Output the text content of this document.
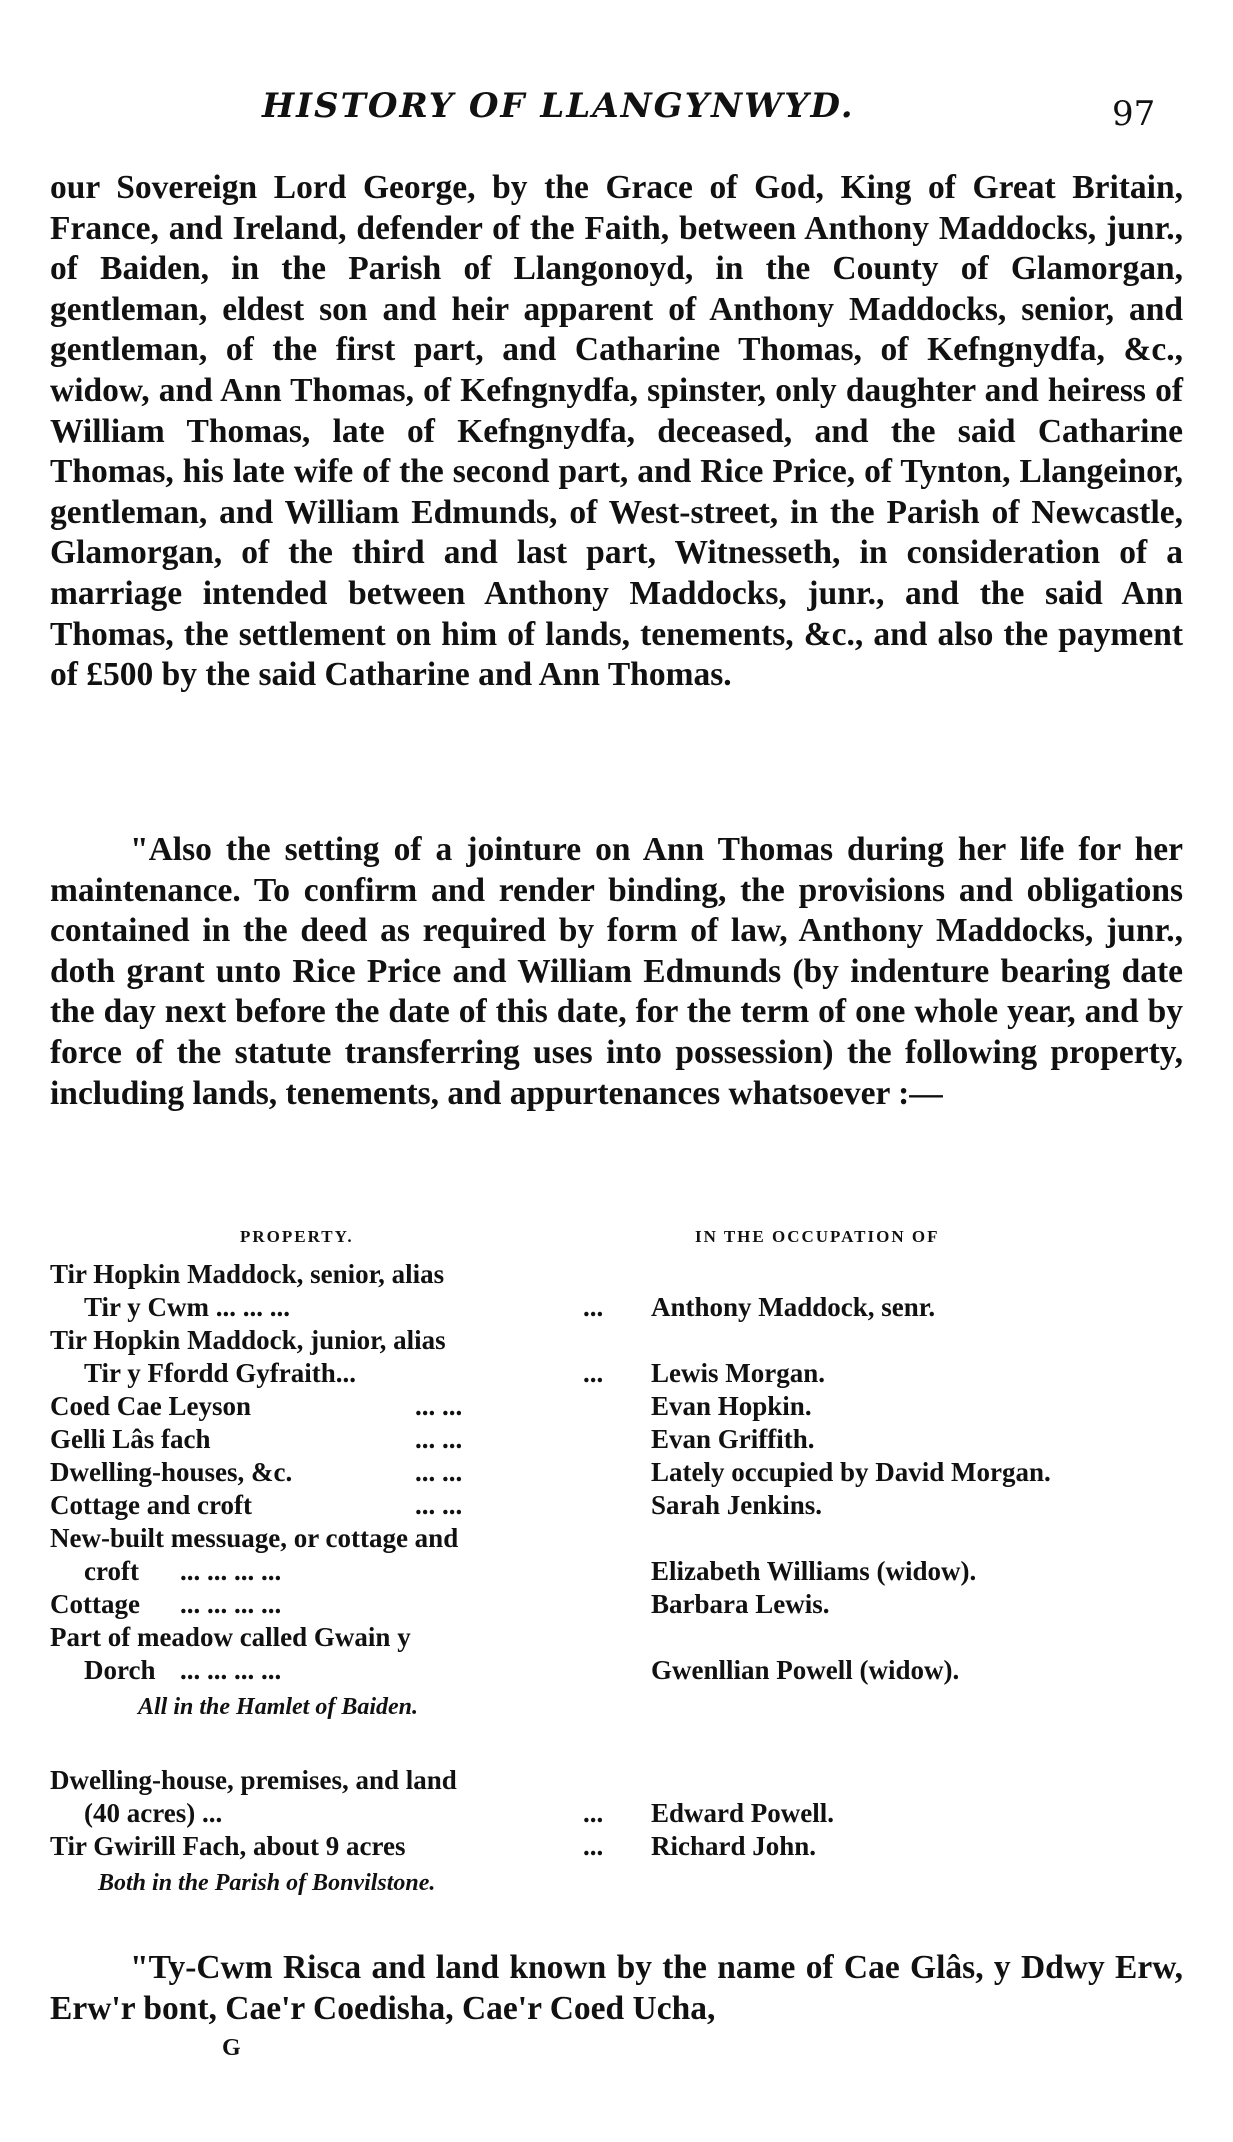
HISTORY OF LLANGYNWYD.	97

our Sovereign Lord George, by the Grace of God, King of Great Britain, France, and Ireland, defender of the Faith, between Anthony Maddocks, junr., of Baiden, in the Parish of Llangonoyd, in the County of Glamorgan, gentleman, eldest son and heir apparent of Anthony Maddocks, senior, and gentleman, of the first part, and Catharine Thomas, of Kefngnydfa, &c., widow, and Ann Thomas, of Kefngnydfa, spinster, only daughter and heiress of William Thomas, late of Kefngnydfa, deceased, and the said Catharine Thomas, his late wife of the second part, and Rice Price, of Tynton, Llangeinor, gentleman, and William Edmunds, of West-street, in the Parish of Newcastle, Glamorgan, of the third and last part, Witnesseth, in consideration of a marriage intended between Anthony Maddocks, junr., and the said Ann Thomas, the settlement on him of lands, tenements, &c., and also the payment of £500 by the said Catharine and Ann Thomas.

"Also the setting of a jointure on Ann Thomas during her life for her maintenance. To confirm and render binding, the provisions and obligations contained in the deed as required by form of law, Anthony Maddocks, junr., doth grant unto Rice Price and William Edmunds (by indenture bearing date the day next before the date of this date, for the term of one whole year, and by force of the statute transferring uses into possession) the following property, including lands, tenements, and appurtenances whatsoever :—

PROPERTY.	IN THE OCCUPATION OF
Tir Hopkin Maddock, senior, alias
Tir y Cwm ... ... ...	... Anthony Maddock, senr.
Tir Hopkin Maddock, junior, alias
Tir y Ffordd Gyfraith...	... Lewis Morgan.
Coed Cae Leyson	... ...	Evan Hopkin.
Gelli Lâs fach	... ...	Evan Griffith.
Dwelling-houses, &c.	... ...	Lately occupied by David Morgan.
Cottage and croft	... ...	Sarah Jenkins.
New-built messuage, or cottage and
croft ... ... ... ...	Elizabeth Williams (widow).
Cottage ... ... ... ...	Barbara Lewis.
Part of meadow called Gwain y
Dorch ... ... ... ...	Gwenllian Powell (widow).
All in the Hamlet of Baiden.
Dwelling-house, premises, and land
(40 acres) ...	... Edward Powell.
Tir Gwirill Fach, about 9 acres	... Richard John.
Both in the Parish of Bonvilstone.

"Ty-Cwm Risca and land known by the name of Cae Glâs, y Ddwy Erw, Erw'r bont, Cae'r Coedisha, Cae'r Coed Ucha,

G
